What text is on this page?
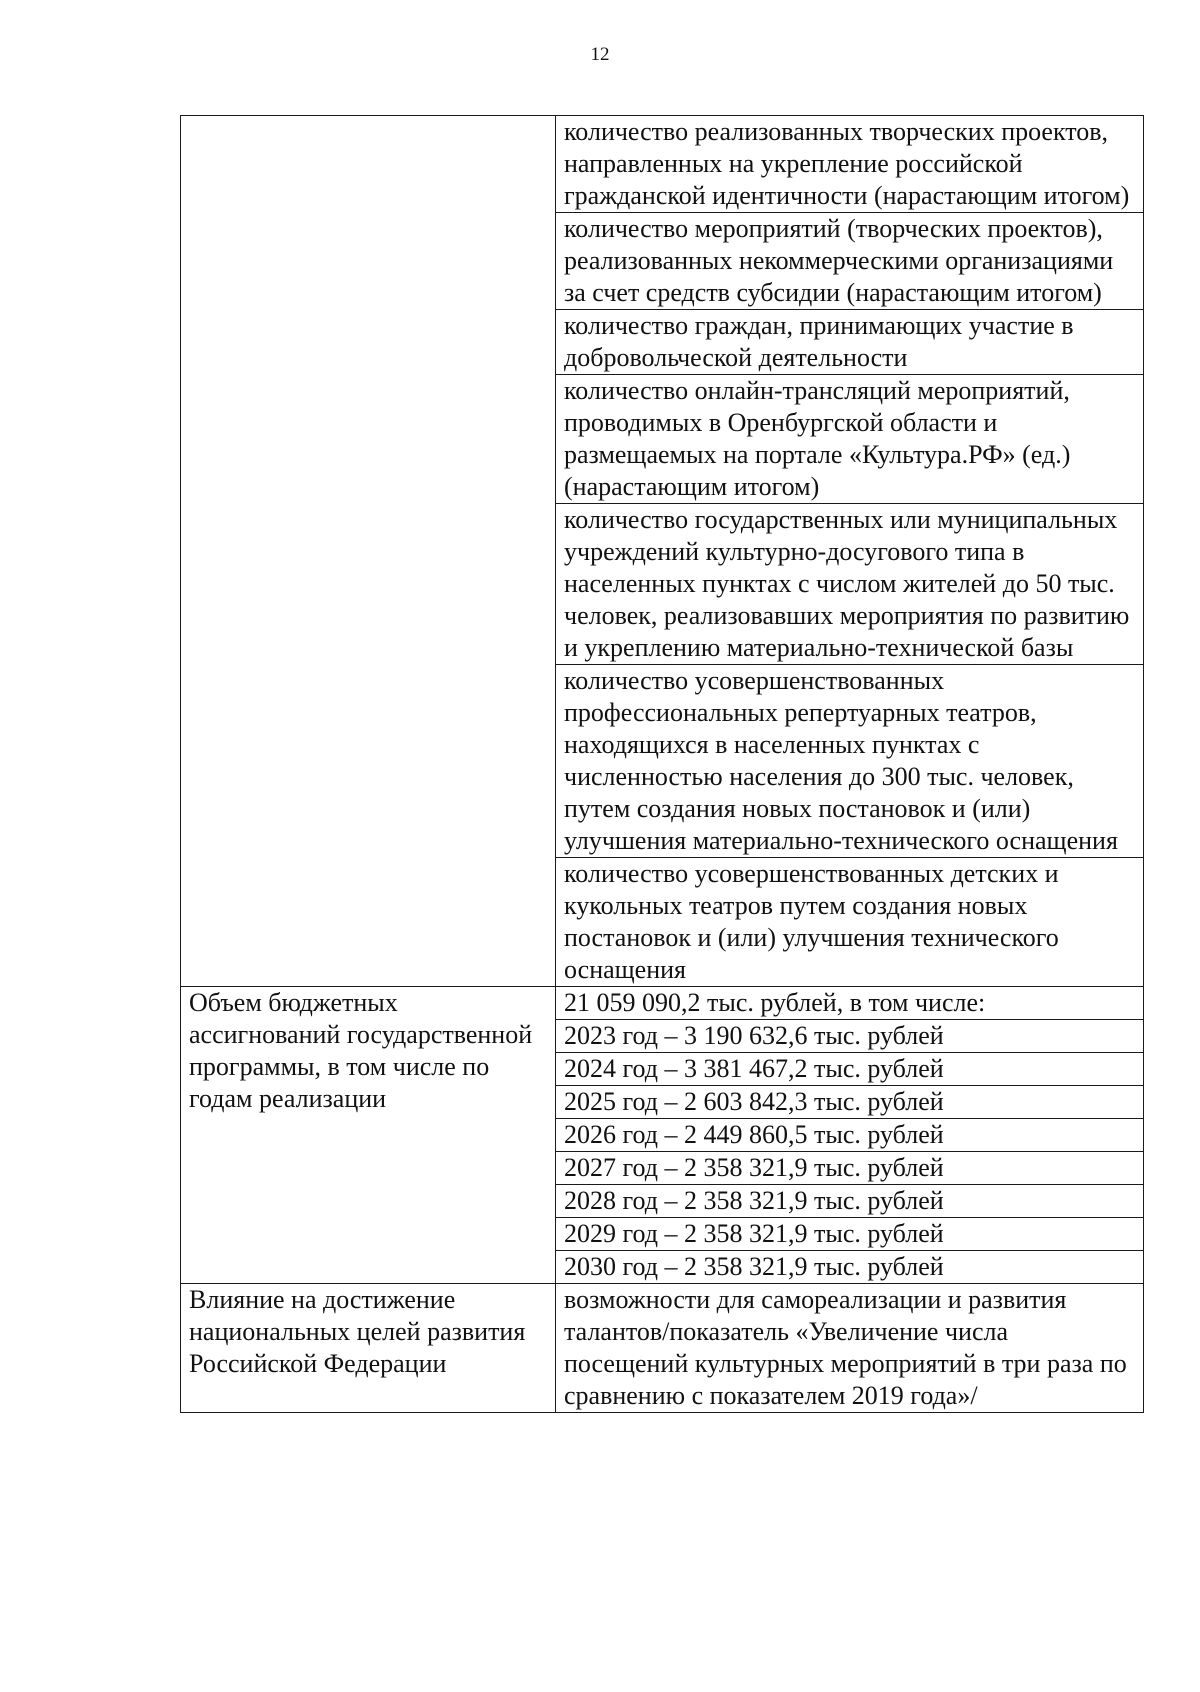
12
	количество реализованных творческих проектов, направленных на укрепление российской гражданской идентичности (нарастающим итогом)
	количество мероприятий (творческих проектов), реализованных некоммерческими организациями за счет средств субсидии (нарастающим итогом)
	количество граждан, принимающих участие в добровольческой деятельности
	количество онлайн-трансляций мероприятий, проводимых в Оренбургской области и размещаемых на портале «Культура.РФ» (ед.) (нарастающим итогом)
	количество государственных или муниципальных учреждений культурно-досугового типа в населенных пунктах с числом жителей до 50 тыс. человек, реализовавших мероприятия по развитию и укреплению материально-технической базы
	количество усовершенствованных профессиональных репертуарных театров, находящихся в населенных пунктах с численностью населения до 300 тыс. человек, путем создания новых постановок и (или) улучшения материально-технического оснащения
	количество усовершенствованных детских и кукольных театров путем создания новых постановок и (или) улучшения технического оснащения
Объем бюджетных ассигнований государственной программы, в том числе по годам реализации	21 059 090,2 тыс. рублей, в том числе:
	2023 год – 3 190 632,6 тыс. рублей
	2024 год – 3 381 467,2 тыс. рублей
	2025 год – 2 603 842,3 тыс. рублей
	2026 год – 2 449 860,5 тыс. рублей
	2027 год – 2 358 321,9 тыс. рублей
	2028 год – 2 358 321,9 тыс. рублей
	2029 год – 2 358 321,9 тыс. рублей
	2030 год – 2 358 321,9 тыс. рублей
Влияние на достижение национальных целей развития Российской Федерации	возможности для самореализации и развития талантов/показатель «Увеличение числа посещений культурных мероприятий в три раза по сравнению с показателем 2019 года»/
